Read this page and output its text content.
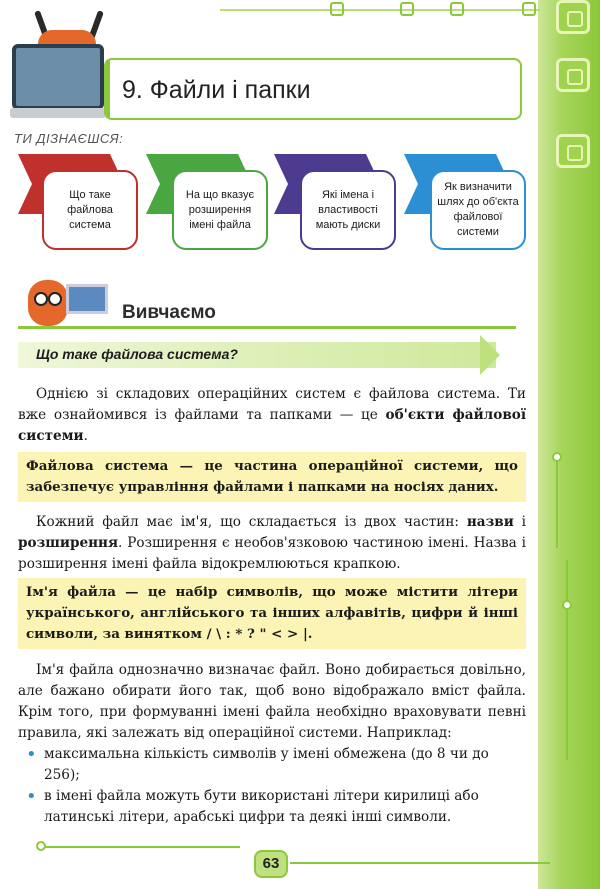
9. Файли і папки
ТИ ДІЗНАЄШСЯ:
Що таке файлова система
На що вказує розширення імені файла
Які імена і властивості мають диски
Як визначити шлях до об'єкта файлової системи
Вивчаємо
Що таке файлова система?

Однією зі складових операційних систем є файлова система. Ти вже ознайомився із файлами та папками — це об'єкти файлової системи.

Файлова система — це частина операційної системи, що забезпечує управління файлами і папками на носіях даних.

Кожний файл має ім'я, що складається із двох частин: назви і розширення. Розширення є необов'язковою частиною імені. Назва і розширення імені файла відокремлюються крапкою.

Ім'я файла — це набір символів, що може містити літери українського, англійського та інших алфавітів, цифри й інші символи, за винятком / \ : * ? " < > |.

Ім'я файла однозначно визначає файл. Воно добирається довільно, але бажано обирати його так, щоб воно відображало вміст файла. Крім того, при формуванні імені файла необхідно враховувати певні правила, які залежать від операційної системи. Наприклад:

• максимальна кількість символів у імені обмежена (до 8 чи до 256);
• в імені файла можуть бути використані літери кирилиці або латинські літери, арабські цифри та деякі інші символи.
63
